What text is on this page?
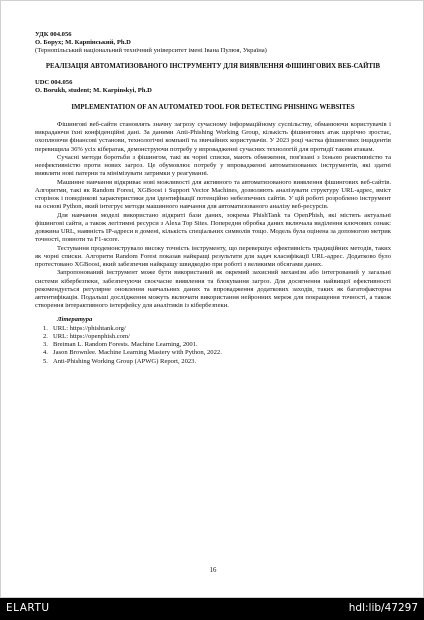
УДК 004.056
О. Борух; М. Карпінський, Ph.D
(Тернопільський національний технічний університет імені Івана Пулюя, Україна)
РЕАЛІЗАЦІЯ АВТОМАТИЗОВАНОГО ІНСТРУМЕНТУ ДЛЯ ВИЯВЛЕННЯ ФІШИНГОВИХ ВЕБ-САЙТІВ
UDC 004.056
O. Borukh, student; M. Karpinskyi, Ph.D
IMPLEMENTATION OF AN AUTOMATED TOOL FOR DETECTING PHISHING WEBSITES

Фішингові веб-сайти становлять значну загрозу сучасному інформаційному суспільству, обманюючи користувачів і викрадаючи їхні конфіденційні дані. За даними Anti-Phishing Working Group, кількість фішингових атак щорічно зростає, охоплюючи фінансові установи, технологічні компанії та звичайних користувачів. У 2023 році частка фішингових інцидентів перевищила 36% усіх кібератак, демонструючи потребу у впровадженні сучасних технологій для протидії таким атакам.

Сучасні методи боротьби з фішингом, такі як чорні списки, мають обмеження, пов'язані з їхньою реактивністю та неефективністю проти нових загроз. Це обумовлює потребу у впровадженні автоматизованих інструментів, які здатні виявляти нові патерни та мінімізувати затримки у реагуванні.

Машинне навчання відкриває нові можливості для активного та автоматизованого виявлення фішингових веб-сайтів. Алгоритми, такі як Random Forest, XGBoost і Support Vector Machines, дозволяють аналізувати структуру URL-адрес, вміст сторінок і поведінкові характеристики для ідентифікації потенційно небезпечних сайтів. У цій роботі розроблено інструмент на основі Python, який інтегрує методи машинного навчання для автоматизованого аналізу веб-ресурсів.

Для навчання моделі використано відкриті бази даних, зокрема PhishTank та OpenPhish, які містять актуальні фішингові сайти, а також легітимні ресурси з Alexa Top Sites. Попередня обробка даних включала виділення ключових ознак: довжина URL, наявність IP-адреси в домені, кількість спеціальних символів тощо. Модель була оцінена за допомогою метрик точності, повноти та F1-score.

Тестування продемонструвало високу точність інструменту, що перевершує ефективність традиційних методів, таких як чорні списки. Алгоритм Random Forest показав найкращі результати для задач класифікації URL-адрес. Додатково було протестовано XGBoost, який забезпечив найкращу швидкодію при роботі з великими обсягами даних.

Запропонований інструмент може бути використаний як окремий захисний механізм або інтегрований у загальні системи кібербезпеки, забезпечуючи своєчасне виявлення та блокування загроз. Для досягнення найвищої ефективності рекомендується регулярне оновлення навчальних даних та впровадження додаткових заходів, таких як багатофакторна автентифікація. Подальші дослідження можуть включати використання нейронних мереж для покращення точності, а також створення інтерактивного інтерфейсу для аналітиків із кібербезпеки.

Література
1. URL: https://phishtank.org/
2. URL: https://openphish.com/
3. Breiman L. Random Forests. Machine Learning, 2001.
4. Jason Brownlee. Machine Learning Mastery with Python, 2022.
5. Anti-Phishing Working Group (APWG) Report, 2023.
16
ELARTU	hdl:lib/47297
